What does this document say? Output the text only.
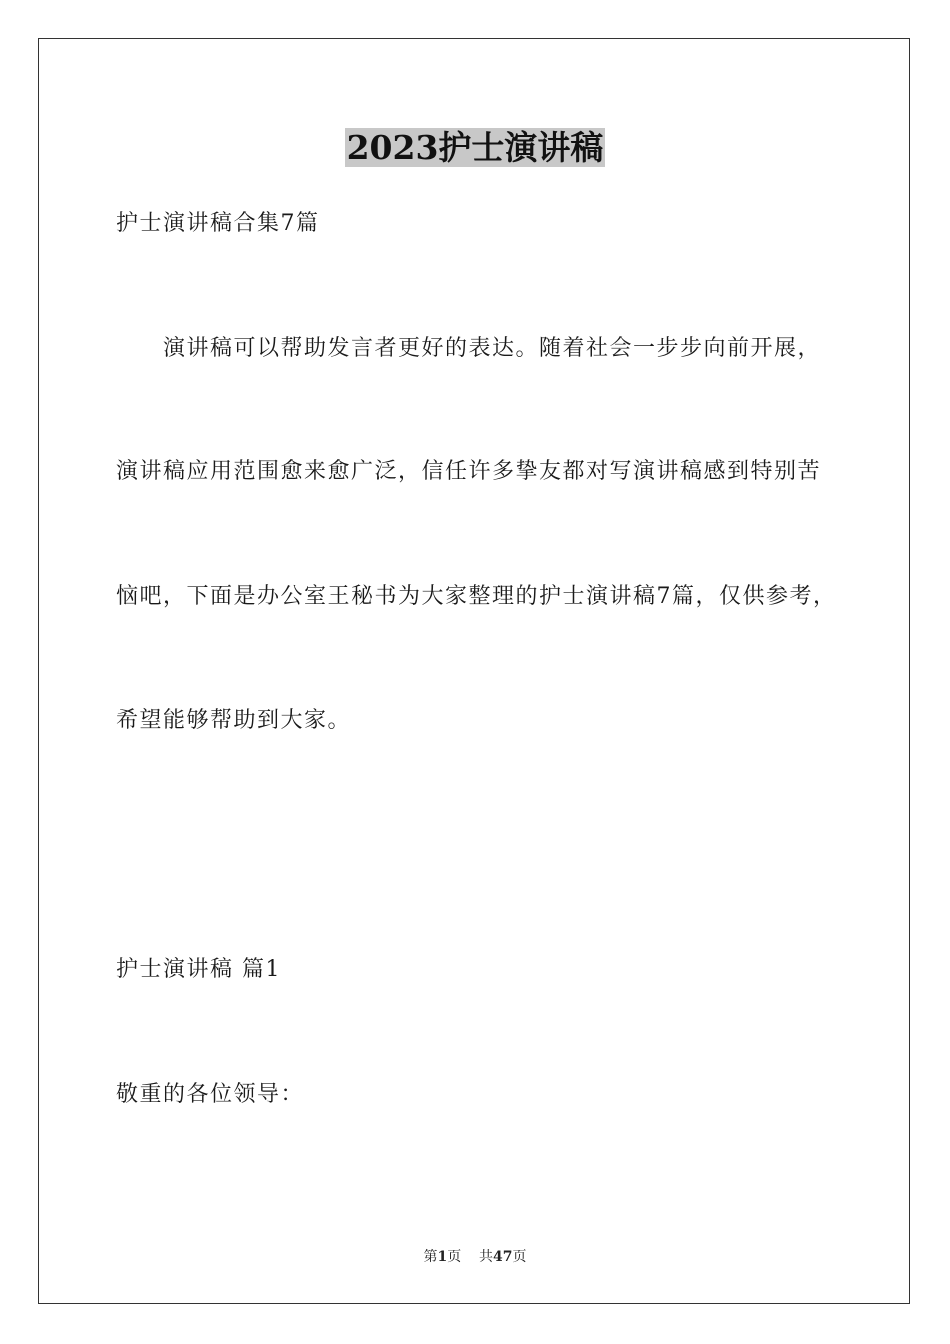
2023护士演讲稿
护士演讲稿合集7篇
演讲稿可以帮助发言者更好的表达。随着社会一步步向前开展，
演讲稿应用范围愈来愈广泛，信任许多挚友都对写演讲稿感到特别苦
恼吧，下面是办公室王秘书为大家整理的护士演讲稿7篇，仅供参考，
希望能够帮助到大家。
护士演讲稿 篇1
敬重的各位领导：
第1页 共47页
